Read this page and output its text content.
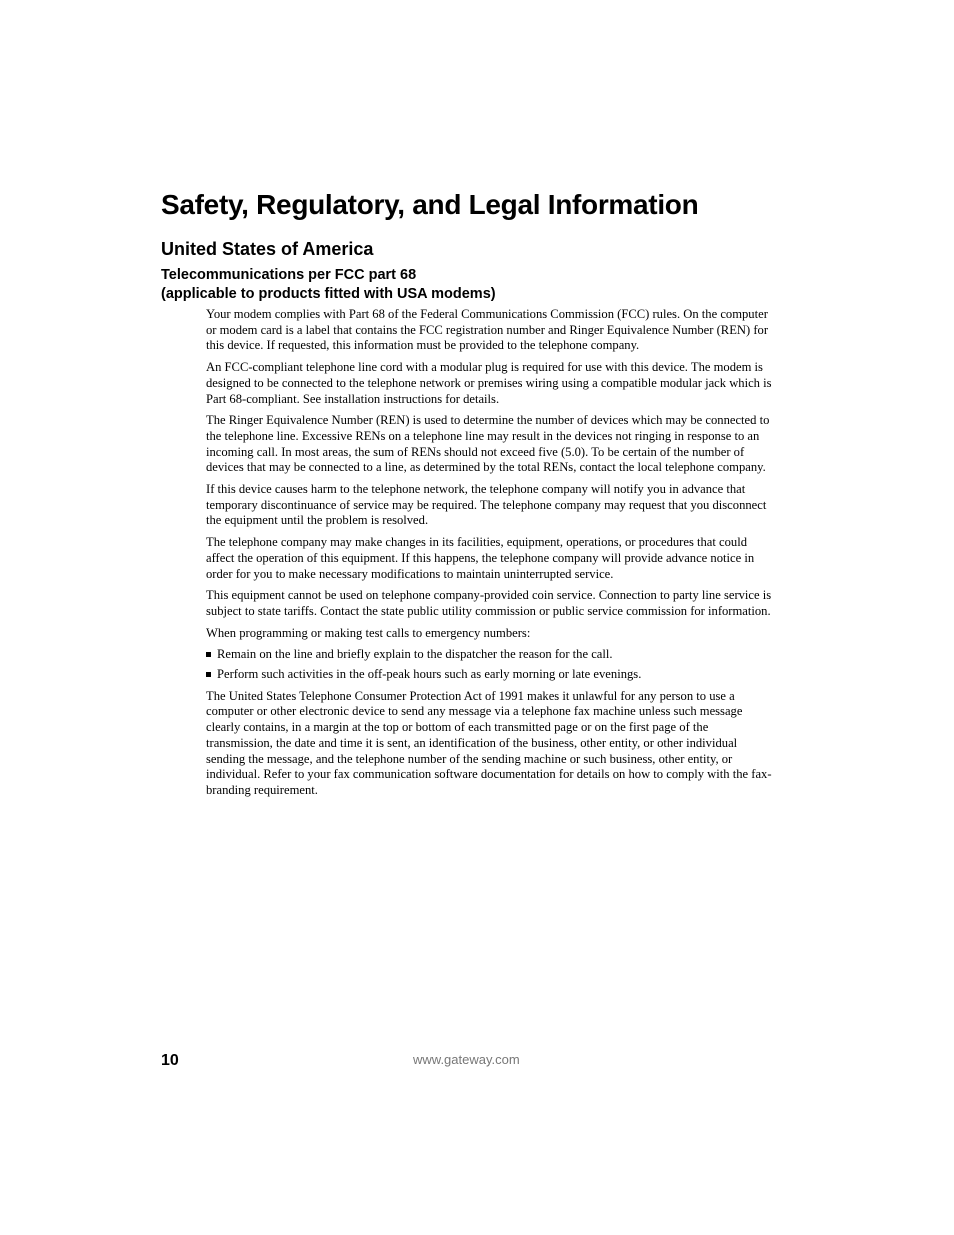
Safety, Regulatory, and Legal Information
United States of America
Telecommunications per FCC part 68
(applicable to products fitted with USA modems)

Your modem complies with Part 68 of the Federal Communications Commission (FCC) rules. On the computer or modem card is a label that contains the FCC registration number and Ringer Equivalence Number (REN) for this device. If requested, this information must be provided to the telephone company.

An FCC-compliant telephone line cord with a modular plug is required for use with this device. The modem is designed to be connected to the telephone network or premises wiring using a compatible modular jack which is Part 68-compliant. See installation instructions for details.

The Ringer Equivalence Number (REN) is used to determine the number of devices which may be connected to the telephone line. Excessive RENs on a telephone line may result in the devices not ringing in response to an incoming call. In most areas, the sum of RENs should not exceed five (5.0). To be certain of the number of devices that may be connected to a line, as determined by the total RENs, contact the local telephone company.

If this device causes harm to the telephone network, the telephone company will notify you in advance that temporary discontinuance of service may be required. The telephone company may request that you disconnect the equipment until the problem is resolved.

The telephone company may make changes in its facilities, equipment, operations, or procedures that could affect the operation of this equipment. If this happens, the telephone company will provide advance notice in order for you to make necessary modifications to maintain uninterrupted service.

This equipment cannot be used on telephone company-provided coin service. Connection to party line service is subject to state tariffs. Contact the state public utility commission or public service commission for information.

When programming or making test calls to emergency numbers:

Remain on the line and briefly explain to the dispatcher the reason for the call.
Perform such activities in the off-peak hours such as early morning or late evenings.

The United States Telephone Consumer Protection Act of 1991 makes it unlawful for any person to use a computer or other electronic device to send any message via a telephone fax machine unless such message clearly contains, in a margin at the top or bottom of each transmitted page or on the first page of the transmission, the date and time it is sent, an identification of the business, other entity, or other individual sending the message, and the telephone number of the sending machine or such business, other entity, or individual. Refer to your fax communication software documentation for details on how to comply with the fax-branding requirement.

10	www.gateway.com
